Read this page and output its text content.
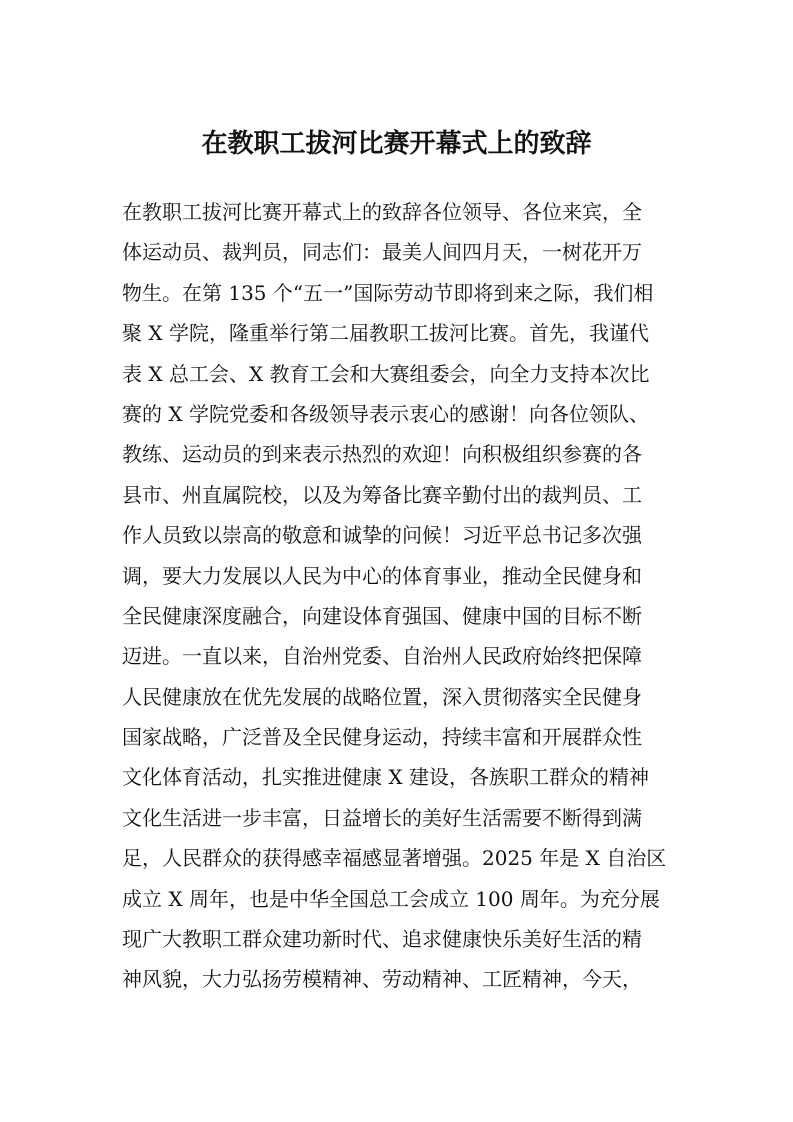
在教职工拔河比赛开幕式上的致辞
在教职工拔河比赛开幕式上的致辞各位领导、各位来宾，全
体运动员、裁判员，同志们：最美人间四月天，一树花开万
物生。在第 135 个“五一”国际劳动节即将到来之际，我们相
聚 X 学院，隆重举行第二届教职工拔河比赛。首先，我谨代
表 X 总工会、X 教育工会和大赛组委会，向全力支持本次比
赛的 X 学院党委和各级领导表示衷心的感谢！向各位领队、
教练、运动员的到来表示热烈的欢迎！向积极组织参赛的各
县市、州直属院校，以及为筹备比赛辛勤付出的裁判员、工
作人员致以崇高的敬意和诚挚的问候！习近平总书记多次强
调，要大力发展以人民为中心的体育事业，推动全民健身和
全民健康深度融合，向建设体育强国、健康中国的目标不断
迈进。一直以来，自治州党委、自治州人民政府始终把保障
人民健康放在优先发展的战略位置，深入贯彻落实全民健身
国家战略，广泛普及全民健身运动，持续丰富和开展群众性
文化体育活动，扎实推进健康 X 建设，各族职工群众的精神
文化生活进一步丰富，日益增长的美好生活需要不断得到满
足，人民群众的获得感幸福感显著增强。2025 年是 X 自治区
成立 X 周年，也是中华全国总工会成立 100 周年。为充分展
现广大教职工群众建功新时代、追求健康快乐美好生活的精
神风貌，大力弘扬劳模精神、劳动精神、工匠精神，今天，
